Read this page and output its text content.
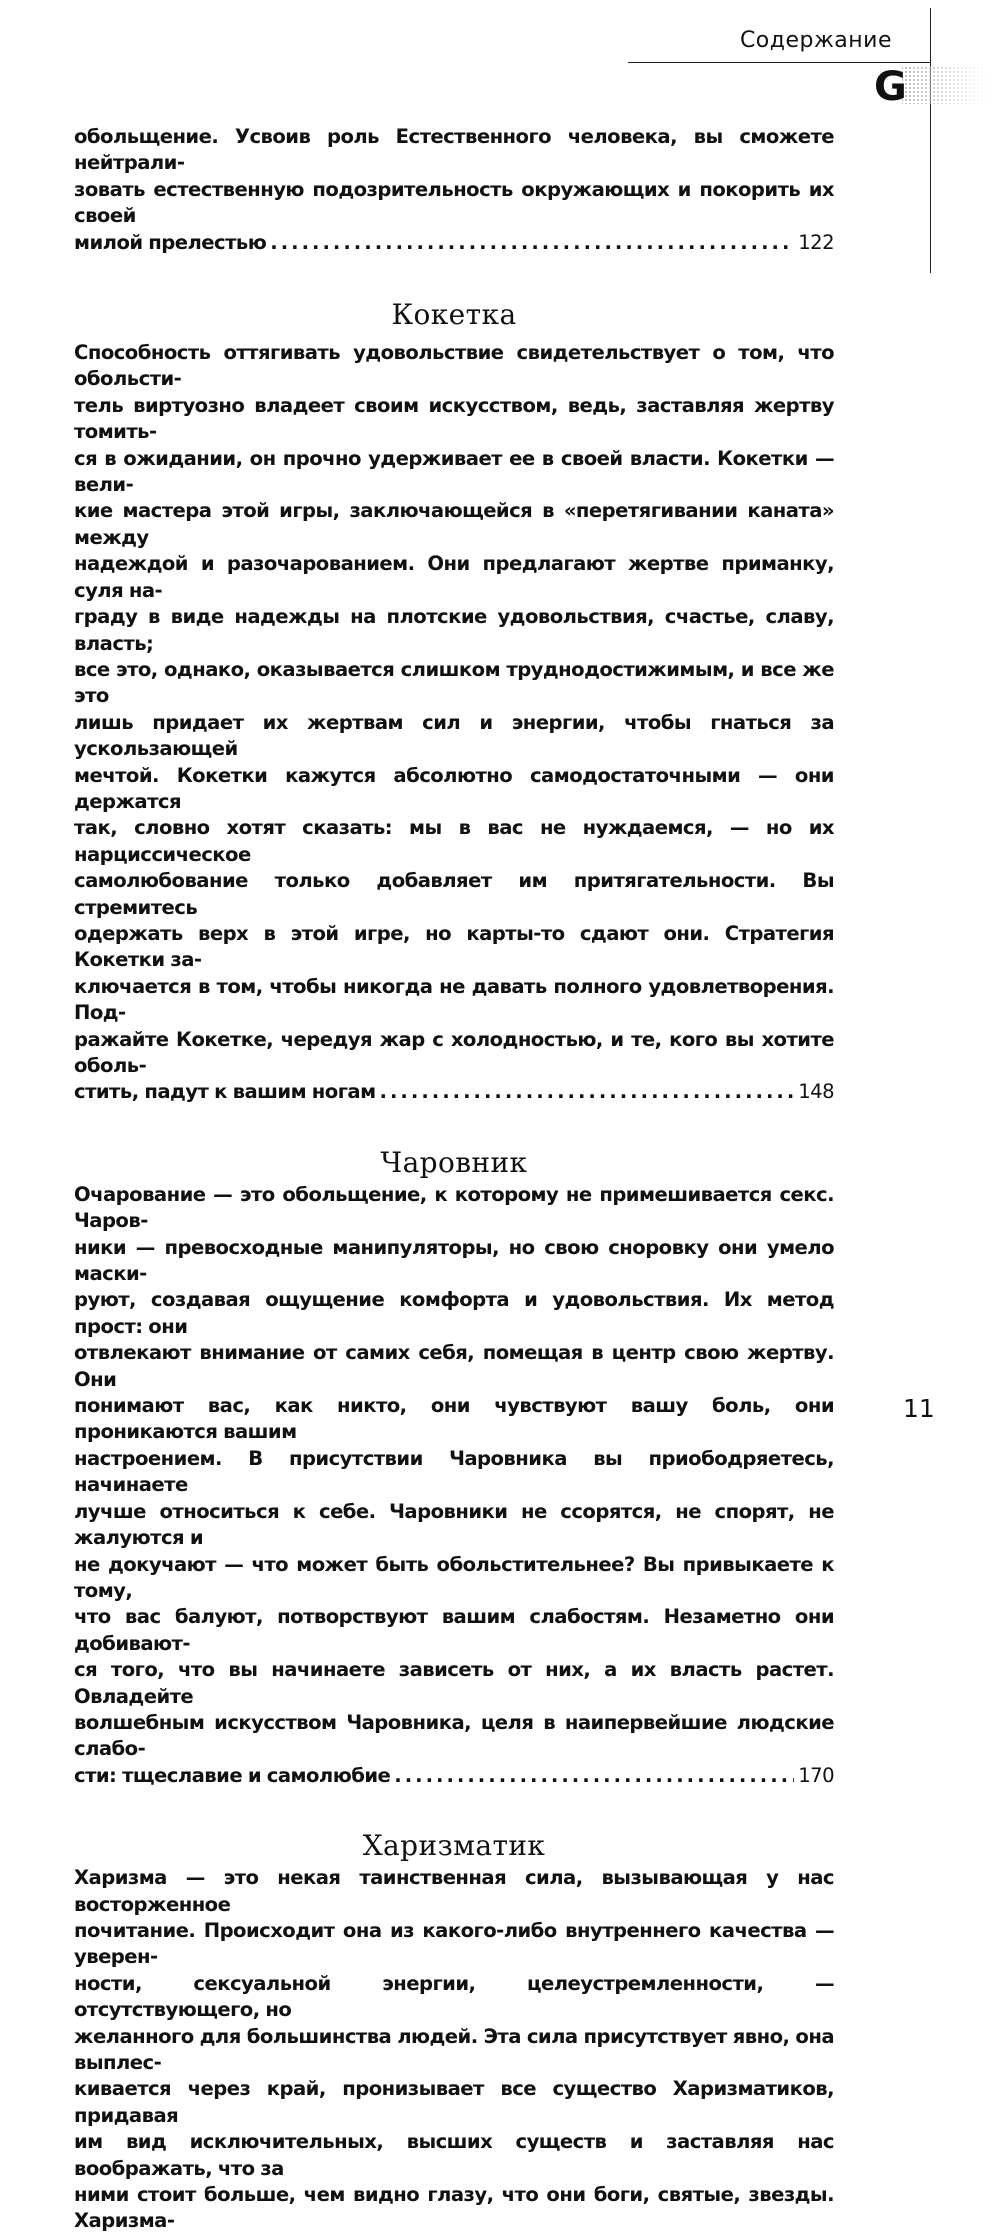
Содержание
G
обольщение. Усвоив роль Естественного человека, вы сможете нейтрали-
зовать естественную подозрительность окружающих и покорить их своей
милой прелестью .....	122
Кокетка
Способность оттягивать удовольствие свидетельствует о том, что обольсти-
тель виртуозно владеет своим искусством, ведь, заставляя жертву томить-
ся в ожидании, он прочно удерживает ее в своей власти. Кокетки — вели-
кие мастера этой игры, заключающейся в «перетягивании каната» между
надеждой и разочарованием. Они предлагают жертве приманку, суля на-
граду в виде надежды на плотские удовольствия, счастье, славу, власть;
все это, однако, оказывается слишком труднодостижимым, и все же это
лишь придает их жертвам сил и энергии, чтобы гнаться за ускользающей
мечтой. Кокетки кажутся абсолютно самодостаточными — они держатся
так, словно хотят сказать: мы в вас не нуждаемся, — но их нарциссическое
самолюбование только добавляет им притягательности. Вы стремитесь
одержать верх в этой игре, но карты-то сдают они. Стратегия Кокетки за-
ключается в том, чтобы никогда не давать полного удовлетворения. Под-
ражайте Кокетке, чередуя жар с холодностью, и те, кого вы хотите оболь-
стить, падут к вашим ногам .....	148
Чаровник
Очарование — это обольщение, к которому не примешивается секс. Чаров-
ники — превосходные манипуляторы, но свою сноровку они умело маски-
руют, создавая ощущение комфорта и удовольствия. Их метод прост: они
отвлекают внимание от самих себя, помещая в центр свою жертву. Они
понимают вас, как никто, они чувствуют вашу боль, они проникаются вашим
настроением. В присутствии Чаровника вы приободряетесь, начинаете
лучше относиться к себе. Чаровники не ссорятся, не спорят, не жалуются и
не докучают — что может быть обольстительнее? Вы привыкаете к тому,
что вас балуют, потворствуют вашим слабостям. Незаметно они добивают-
ся того, что вы начинаете зависеть от них, а их власть растет. Овладейте
волшебным искусством Чаровника, целя в наипервейшие людские слабо-
сти: тщеславие и самолюбие .....	170
Харизматик
Харизма — это некая таинственная сила, вызывающая у нас восторженное
почитание. Происходит она из какого-либо внутреннего качества — уверен-
ности, сексуальной энергии, целеустремленности, — отсутствующего, но
желанного для большинства людей. Эта сила присутствует явно, она выплес-
кивается через край, пронизывает все существо Харизматиков, придавая
им вид исключительных, высших существ и заставляя нас воображать, что за
ними стоит больше, чем видно глазу, что они боги, святые, звезды. Харизма-
11
